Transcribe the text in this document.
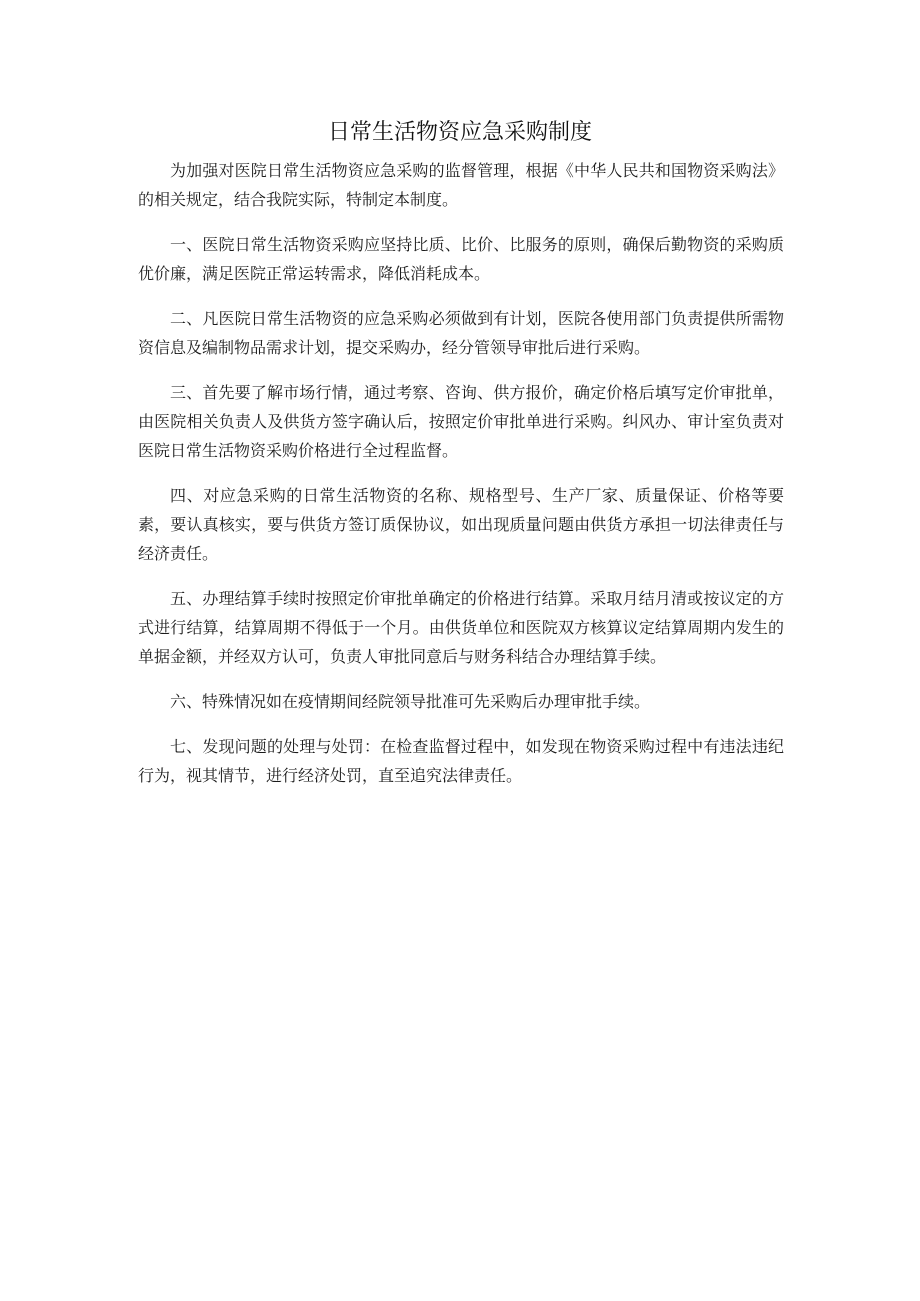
日常生活物资应急采购制度

为加强对医院日常生活物资应急采购的监督管理，根据《中华人民共和国物资采购法》的相关规定，结合我院实际，特制定本制度。

一、医院日常生活物资采购应坚持比质、比价、比服务的原则，确保后勤物资的采购质优价廉，满足医院正常运转需求，降低消耗成本。

二、凡医院日常生活物资的应急采购必须做到有计划，医院各使用部门负责提供所需物资信息及编制物品需求计划，提交采购办，经分管领导审批后进行采购。

三、首先要了解市场行情，通过考察、咨询、供方报价，确定价格后填写定价审批单，由医院相关负责人及供货方签字确认后，按照定价审批单进行采购。纠风办、审计室负责对医院日常生活物资采购价格进行全过程监督。

四、对应急采购的日常生活物资的名称、规格型号、生产厂家、质量保证、价格等要素，要认真核实，要与供货方签订质保协议，如出现质量问题由供货方承担一切法律责任与经济责任。

五、办理结算手续时按照定价审批单确定的价格进行结算。采取月结月清或按议定的方式进行结算，结算周期不得低于一个月。由供货单位和医院双方核算议定结算周期内发生的单据金额，并经双方认可，负责人审批同意后与财务科结合办理结算手续。

六、特殊情况如在疫情期间经院领导批准可先采购后办理审批手续。

七、发现问题的处理与处罚：在检查监督过程中，如发现在物资采购过程中有违法违纪行为，视其情节，进行经济处罚，直至追究法律责任。
